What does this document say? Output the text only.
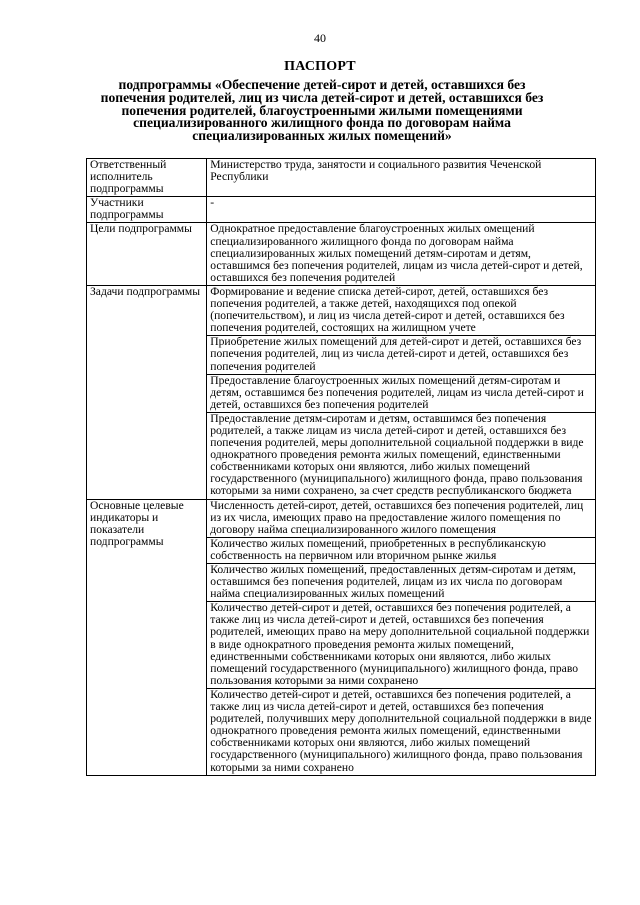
40
ПАСПОРТ
подпрограммы «Обеспечение детей-сирот и детей, оставшихся без попечения родителей, лиц из числа детей-сирот и детей, оставшихся без попечения родителей, благоустроенными жилыми помещениями специализированного жилищного фонда по договорам найма специализированных жилых помещений»
Ответственный исполнитель подпрограммы	Министерство труда, занятости и социального развития Чеченской Республики
Участники подпрограммы	-
Цели подпрограммы	Однократное предоставление благоустроенных жилых омещений специализированного жилищного фонда по договорам найма специализированных жилых помещений детям-сиротам и детям, оставшимся без попечения родителей, лицам из числа детей-сирот и детей, оставшихся без попечения родителей
Задачи подпрограммы	Формирование и ведение списка детей-сирот, детей, оставшихся без попечения родителей, а также детей, находящихся под опекой (попечительством), и лиц из числа детей-сирот и детей, оставшихся без попечения родителей, состоящих на жилищном учете
	Приобретение жилых помещений для детей-сирот и детей, оставшихся без попечения родителей, лиц из числа детей-сирот и детей, оставшихся без попечения родителей
	Предоставление благоустроенных жилых помещений детям-сиротам и детям, оставшимся без попечения родителей, лицам из числа детей-сирот и детей, оставшихся без попечения родителей
	Предоставление детям-сиротам и детям, оставшимся без попечения родителей, а также лицам из числа детей-сирот и детей, оставшихся без попечения родителей, меры дополнительной социальной поддержки в виде однократного проведения ремонта жилых помещений, единственными собственниками которых они являются, либо жилых помещений государственного (муниципального) жилищного фонда, право пользования которыми за ними сохранено, за счет средств республиканского бюджета
Основные целевые индикаторы и показатели подпрограммы	Численность детей-сирот, детей, оставшихся без попечения родителей, лиц из их числа, имеющих право на предоставление жилого помещения по договору найма специализированного жилого помещения
	Количество жилых помещений, приобретенных в республиканскую собственность на первичном или вторичном рынке жилья
	Количество жилых помещений, предоставленных детям-сиротам и детям, оставшимся без попечения родителей, лицам из их числа по договорам найма специализированных жилых помещений
	Количество детей-сирот и детей, оставшихся без попечения родителей, а также лиц из числа детей-сирот и детей, оставшихся без попечения родителей, имеющих право на меру дополнительной социальной поддержки в виде однократного проведения ремонта жилых помещений, единственными собственниками которых они являются, либо жилых помещений государственного (муниципального) жилищного фонда, право пользования которыми за ними сохранено
	Количество детей-сирот и детей, оставшихся без попечения родителей, а также лиц из числа детей-сирот и детей, оставшихся без попечения родителей, получивших меру дополнительной социальной поддержки в виде однократного проведения ремонта жилых помещений, единственными собственниками которых они являются, либо жилых помещений государственного (муниципального) жилищного фонда, право пользования которыми за ними сохранено
